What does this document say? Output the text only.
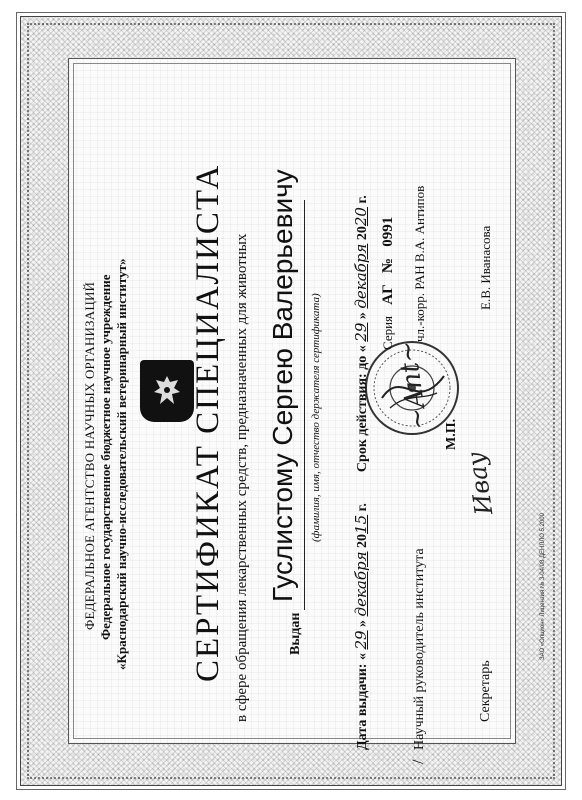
ФЕДЕРАЛЬНОЕ АГЕНТСТВО НАУЧНЫХ ОРГАНИЗАЦИЙ Федеральное государственное бюджетное научное учреждение «Краснодарский научно-исследовательский ветеринарный институт» СЕРТИФИКАТ СПЕЦИАЛИСТА в сфере обращения лекарственных средств, предназначенных для животных	Выдан
Гуслистому Сергею Валерьевичу (фамилия, имя, отчество держателя сертификата)
Дата выдачи: « 29 » декабря 2015 г.  Срок действия: до « 29 » декабря 2020 г.
Серия АГ № 0991
/
Научный руководитель института
~Ant~
чл.-корр. РАН В.А. Антипов
М.П.
Секретарь
Ивау
Е.В. Иванасова
ЗАО «Опцион» Лицензия № 3-04/08 ДЕНЛЛО 5.2000
